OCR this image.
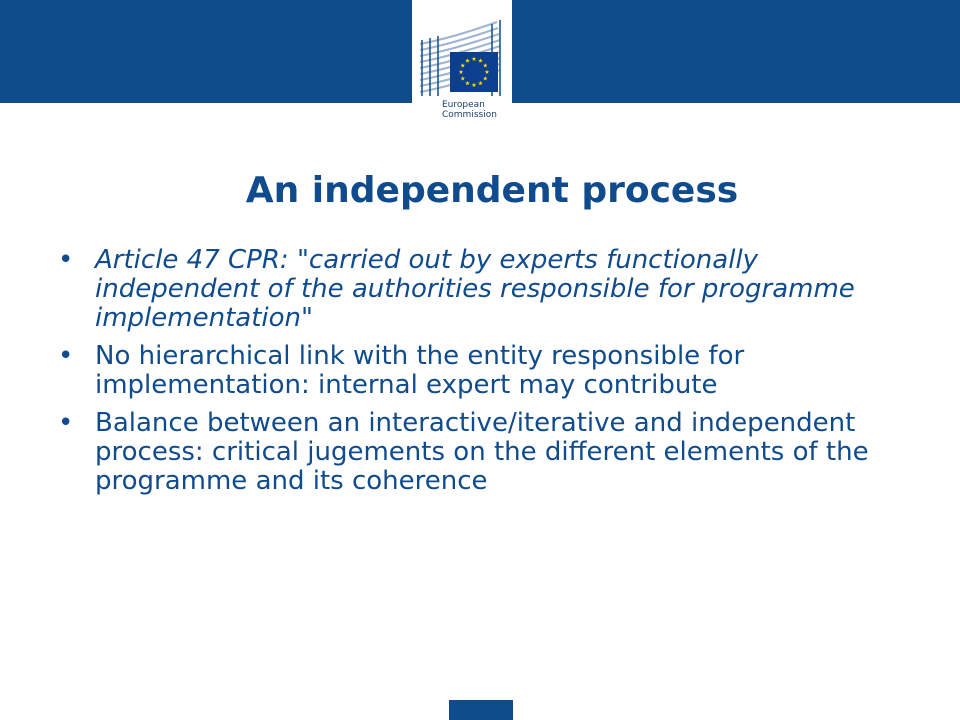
European
Commission
An independent process
• Article 47 CPR: "carried out by experts functionally independent of the authorities responsible for programme implementation"
• No hierarchical link with the entity responsible for implementation: internal expert may contribute
• Balance between an interactive/iterative and independent process: critical jugements on the different elements of the programme and its coherence
